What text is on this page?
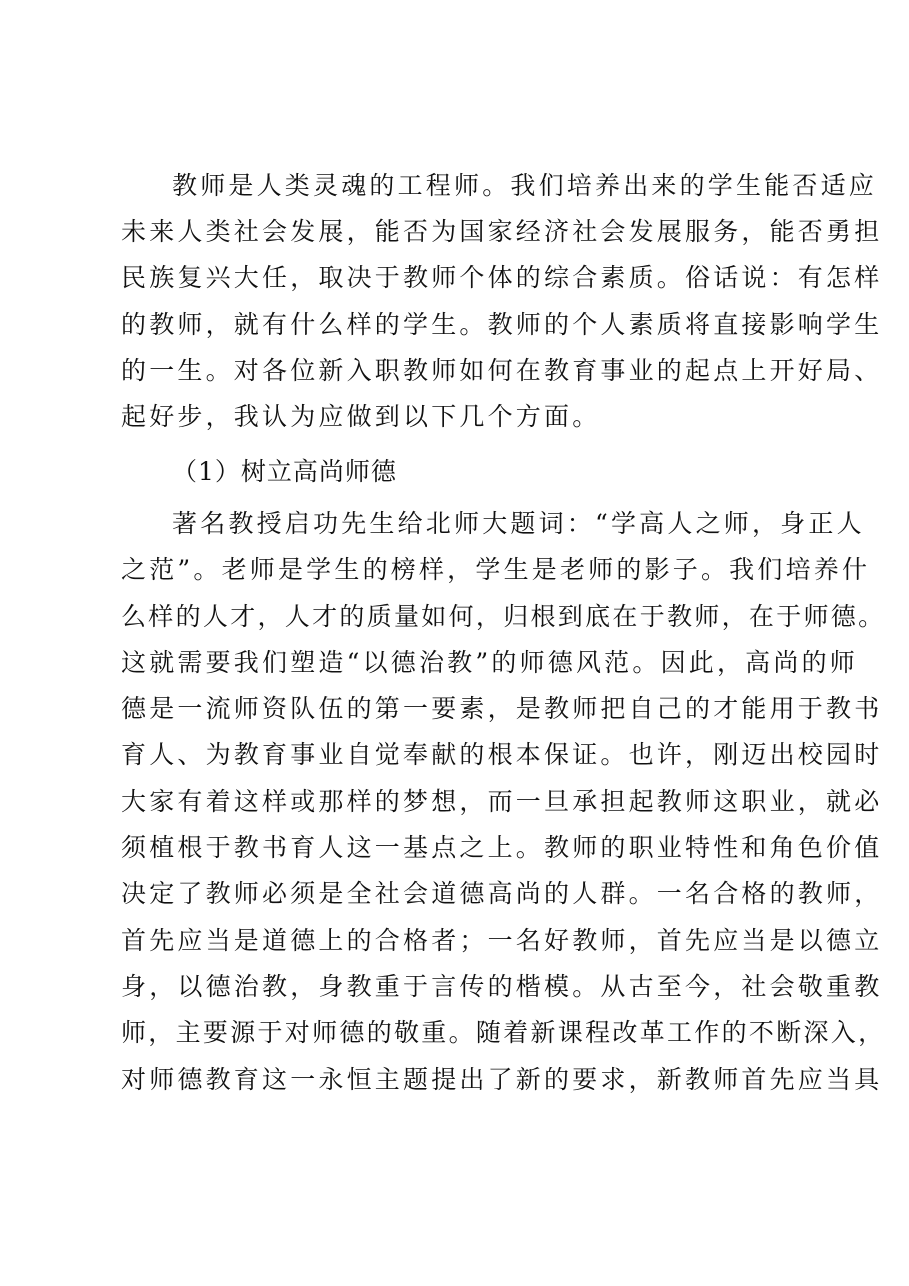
教师是人类灵魂的工程师。我们培养出来的学生能否适应
未来人类社会发展，能否为国家经济社会发展服务，能否勇担
民族复兴大任，取决于教师个体的综合素质。俗话说：有怎样
的教师，就有什么样的学生。教师的个人素质将直接影响学生
的一生。对各位新入职教师如何在教育事业的起点上开好局、
起好步，我认为应做到以下几个方面。
（1）树立高尚师德
著名教授启功先生给北师大题词：“学高人之师，身正人
之范”。老师是学生的榜样，学生是老师的影子。我们培养什
么样的人才，人才的质量如何，归根到底在于教师，在于师德。
这就需要我们塑造“以德治教”的师德风范。因此，高尚的师
德是一流师资队伍的第一要素，是教师把自己的才能用于教书
育人、为教育事业自觉奉献的根本保证。也许，刚迈出校园时
大家有着这样或那样的梦想，而一旦承担起教师这职业，就必
须植根于教书育人这一基点之上。教师的职业特性和角色价值
决定了教师必须是全社会道德高尚的人群。一名合格的教师，
首先应当是道德上的合格者；一名好教师，首先应当是以德立
身，以德治教，身教重于言传的楷模。从古至今，社会敬重教
师，主要源于对师德的敬重。随着新课程改革工作的不断深入，
对师德教育这一永恒主题提出了新的要求，新教师首先应当具
